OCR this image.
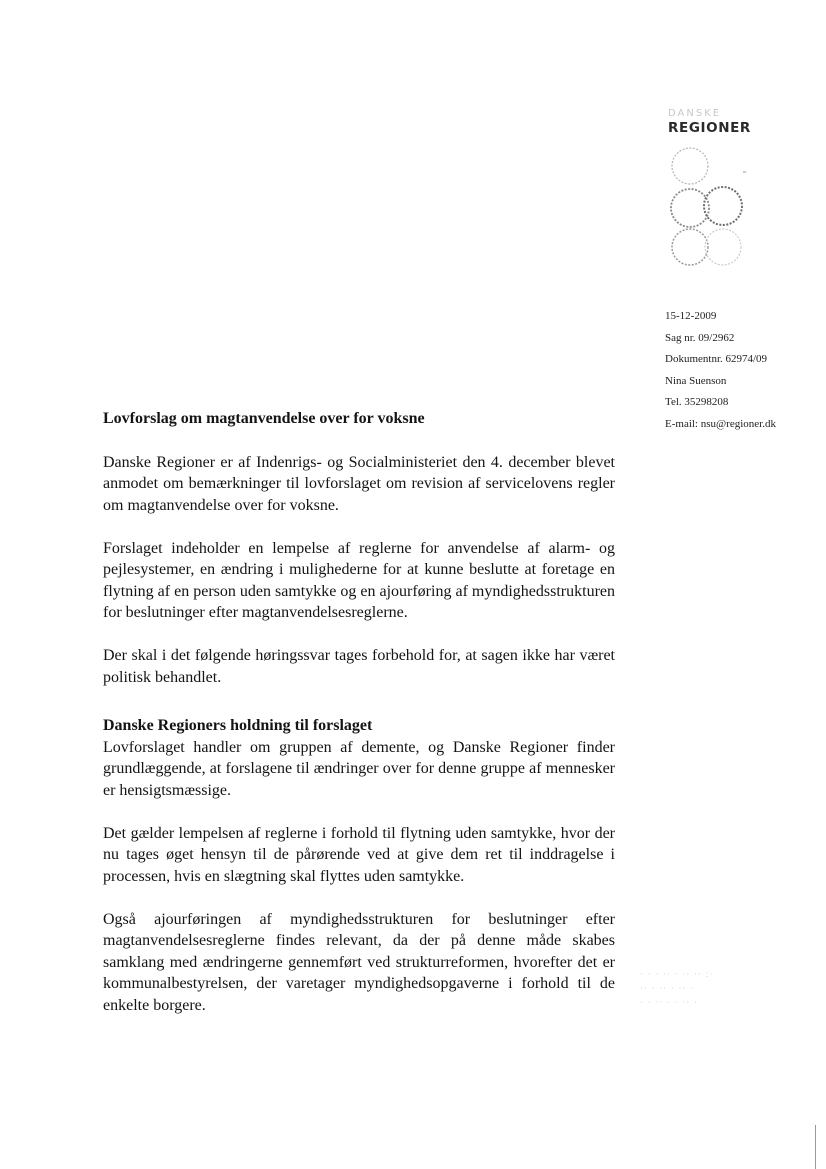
DANSKE
REGIONER
15-12-2009
Sag nr. 09/2962
Dokumentnr. 62974/09
Nina Suenson
Tel. 35298208
E-mail: nsu@regioner.dk
Lovforslag om magtanvendelse over for voksne

Danske Regioner er af Indenrigs- og Socialministeriet den 4. december blevet anmodet om bemærkninger til lovforslaget om revision af servicelovens regler om magtanvendelse over for voksne.

Forslaget indeholder en lempelse af reglerne for anvendelse af alarm- og pejlesystemer, en ændring i mulighederne for at kunne beslutte at foretage en flytning af en person uden samtykke og en ajourføring af myndighedsstrukturen for beslutninger efter magtanvendelsesreglerne.

Der skal i det følgende høringssvar tages forbehold for, at sagen ikke har været politisk behandlet.

Danske Regioners holdning til forslaget

Lovforslaget handler om gruppen af demente, og Danske Regioner finder grundlæggende, at forslagene til ændringer over for denne gruppe af mennesker er hensigtsmæssige.

Det gælder lempelsen af reglerne i forhold til flytning uden samtykke, hvor der nu tages øget hensyn til de pårørende ved at give dem ret til inddragelse i processen, hvis en slægtning skal flyttes uden samtykke.

Også ajourføringen af myndighedsstrukturen for beslutninger efter magtanvendelsesreglerne findes relevant, da der på denne måde skabes samklang med ændringerne gennemført ved strukturreformen, hvorefter det er kommunalbestyrelsen, der varetager myndighedsopgaverne i forhold til de enkelte borgere.

· · · ·· · ·· ·· :·
·· · ·· · ·· ·
· · ·· · · ·· ·
